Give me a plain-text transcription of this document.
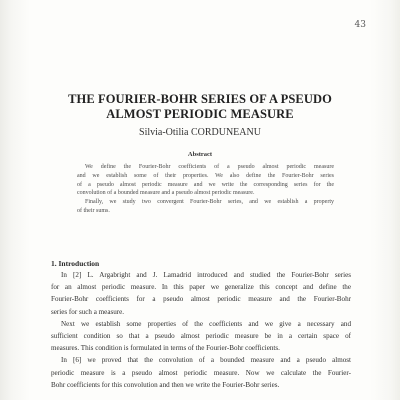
43
THE FOURIER-BOHR SERIES OF A PSEUDO
ALMOST PERIODIC MEASURE
Silvia-Otilia CORDUNEANU
Abstract
We define the Fourier-Bohr coefficients of a pseudo almost periodic measure
and we establish some of their properties. We also define the Fourier-Bohr series
of a pseudo almost periodic measure and we write the corresponding series for the
convolution of a bounded measure and a pseudo almost periodic measure.
Finally, we study two convergent Fourier-Bohr series, and we establish a property
of their sums.
1. Introduction
In [2] L. Argabright and J. Lamadrid introduced and studied the Fourier-Bohr series
for an almost periodic measure. In this paper we generalize this concept and define the
Fourier-Bohr coefficients for a pseudo almost periodic measure and the Fourier-Bohr
series for such a measure.
Next we establish some properties of the coefficients and we give a necessary and
sufficient condition so that a pseudo almost periodic measure be in a certain space of
measures. This condition is formulated in terms of the Fourier-Bohr coefficients.
In [6] we proved that the convolution of a bounded measure and a pseudo almost
periodic measure is a pseudo almost periodic measure. Now we calculate the Fourier-
Bohr coefficients for this convolution and then we write the Fourier-Bohr series.
